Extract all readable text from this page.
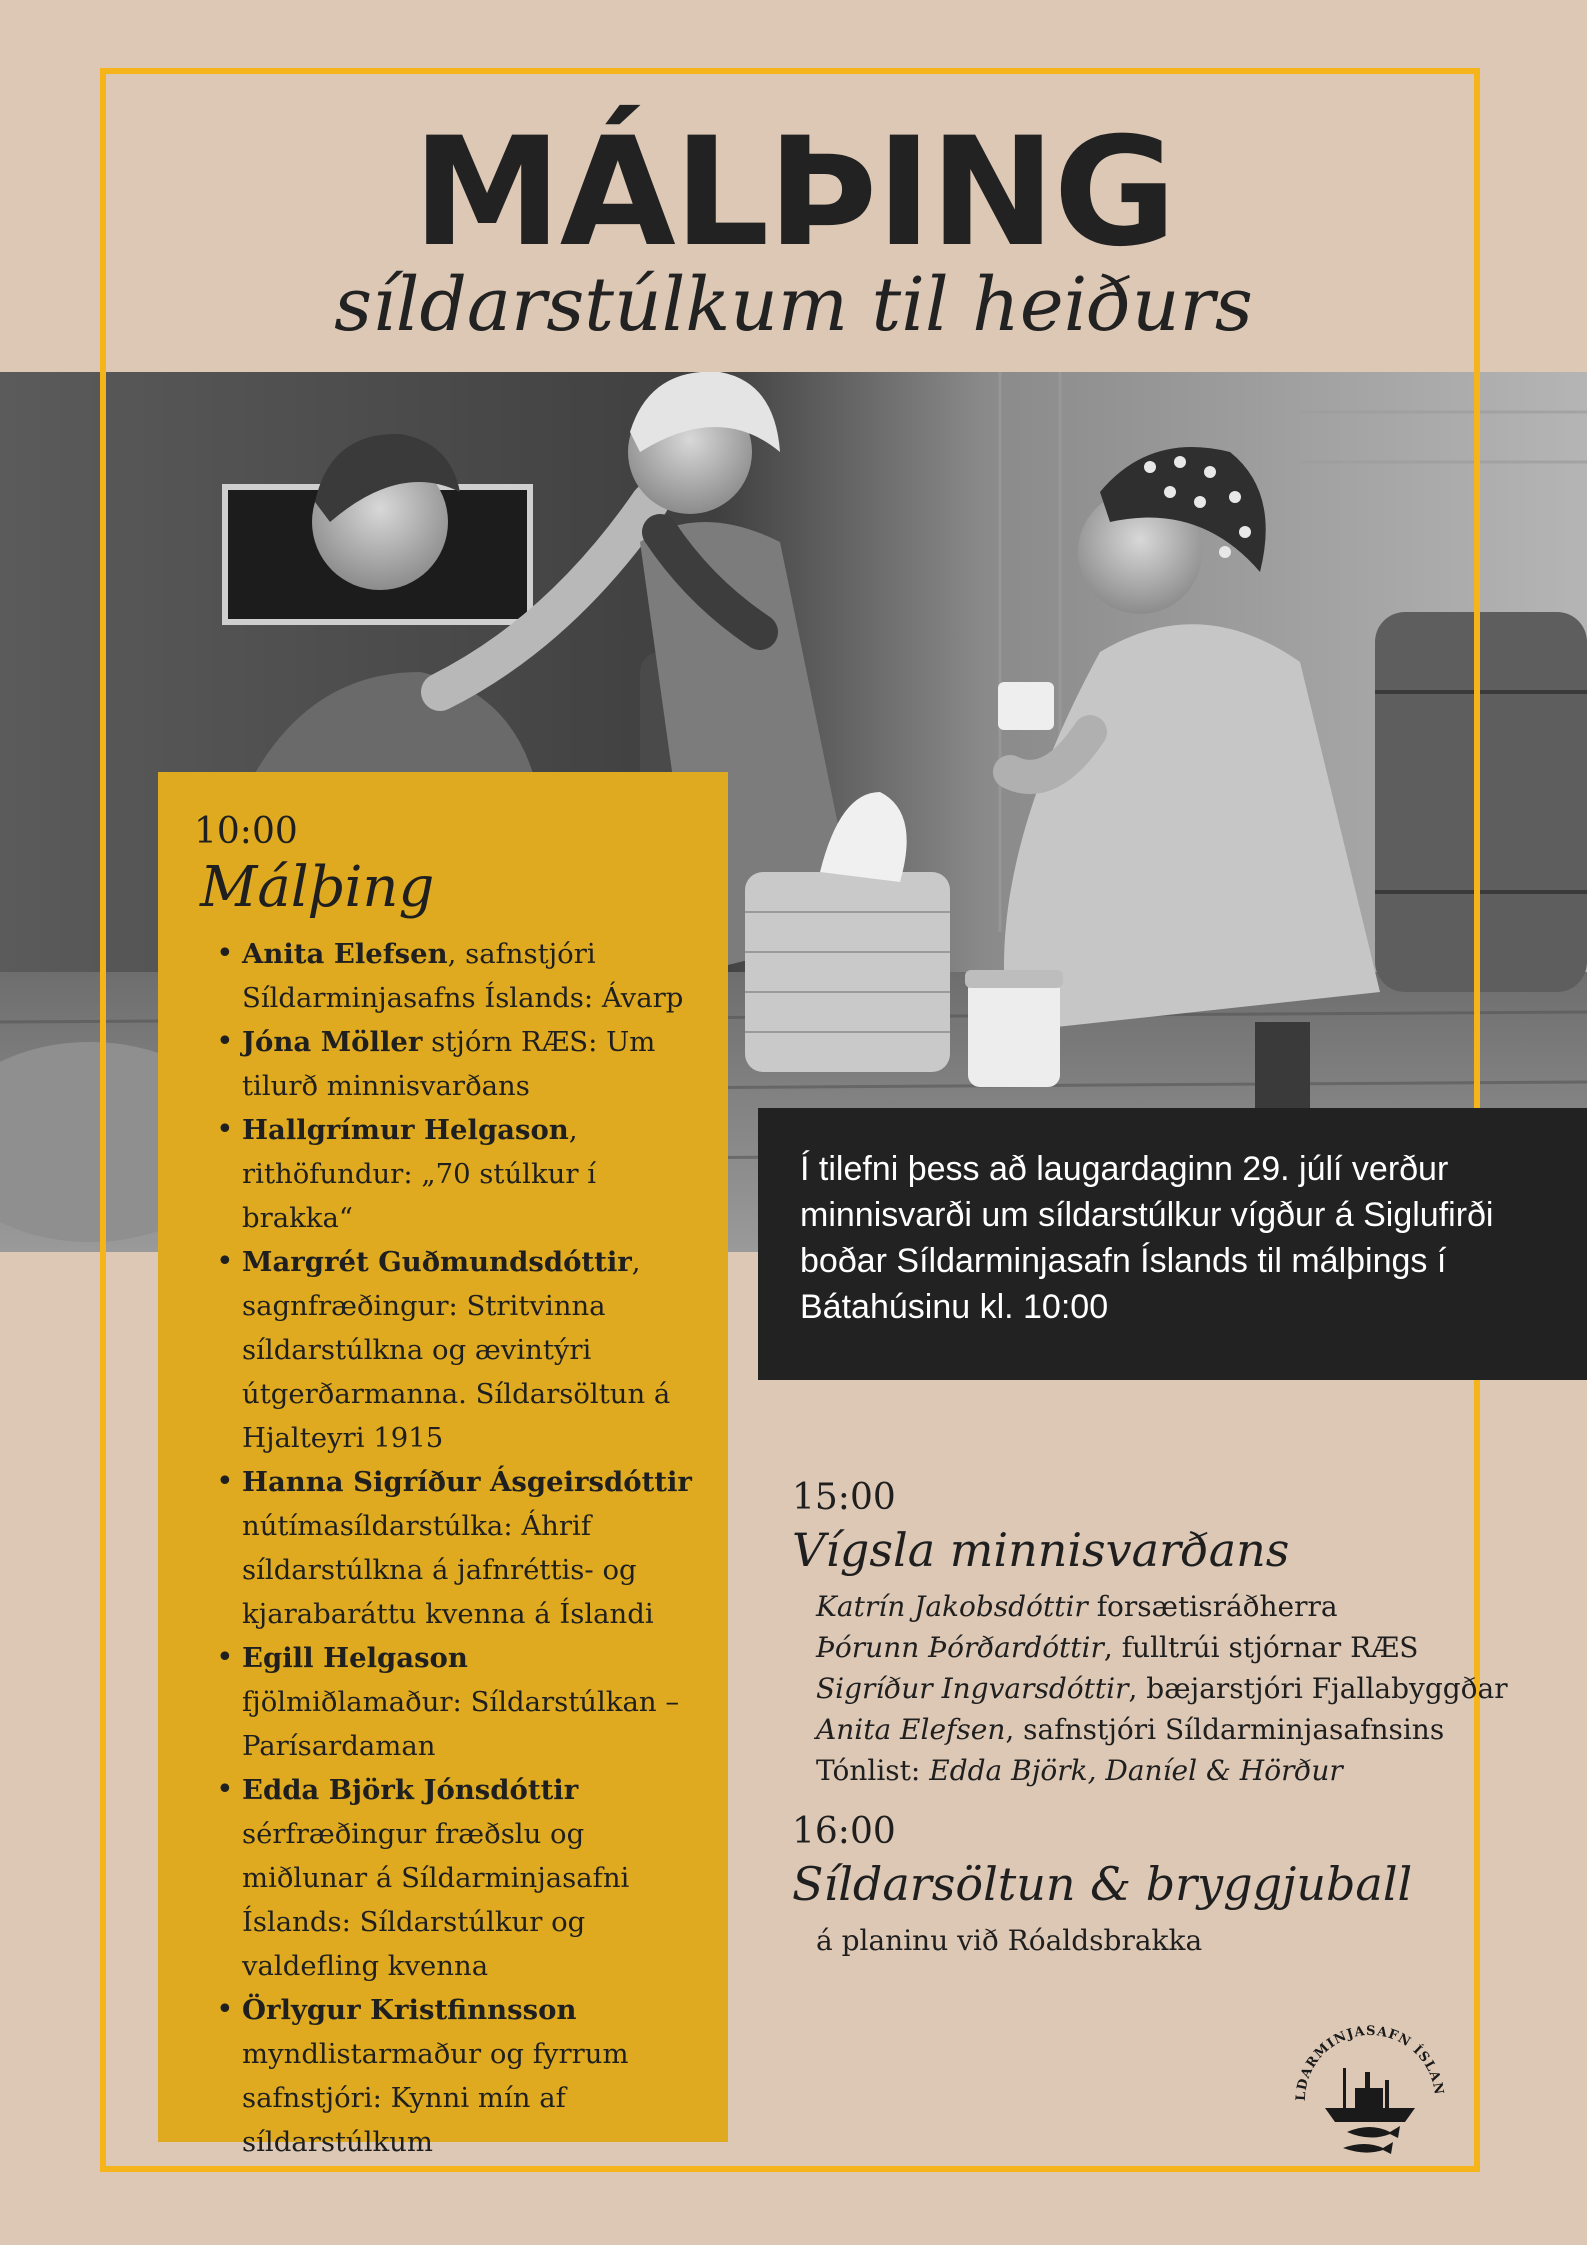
MÁLÞING
síldarstúlkum til heiðurs
10:00
Málþing
• Anita Elefsen, safnstjóri Síldarminjasafns Íslands: Ávarp
• Jóna Möller stjórn RÆS: Um tilurð minnisvarðans
• Hallgrímur Helgason, rithöfundur: „70 stúlkur í brakka“
• Margrét Guðmundsdóttir, sagnfræðingur: Stritvinna síldarstúlkna og ævintýri útgerðarmanna. Síldarsöltun á Hjalteyri 1915
• Hanna Sigríður Ásgeirsdóttir nútímasíldarstúlka: Áhrif síldarstúlkna á jafnréttis- og kjarabaráttu kvenna á Íslandi
• Egill Helgason fjölmiðlamaður: Síldarstúlkan – Parísardaman
• Edda Björk Jónsdóttir sérfræðingur fræðslu og miðlunar á Síldarminjasafni Íslands: Síldarstúlkur og valdefling kvenna
• Örlygur Kristfinnsson myndlistarmaður og fyrrum safnstjóri: Kynni mín af síldarstúlkum
Í tilefni þess að laugardaginn 29. júlí verður minnisvarði um síldarstúlkur vígður á Siglufirði boðar Síldarminjasafn Íslands til málþings í Bátahúsinu kl. 10:00
15:00
Vígsla minnisvarðans
Katrín Jakobsdóttir forsætisráðherra
Þórunn Þórðardóttir, fulltrúi stjórnar RÆS
Sigríður Ingvarsdóttir, bæjarstjóri Fjallabyggðar
Anita Elefsen, safnstjóri Síldarminjasafnsins
Tónlist: Edda Björk, Daníel & Hörður
16:00
Síldarsöltun & bryggjuball
á planinu við Róaldsbrakka
LDARMINJASAFN ÍSLAN
